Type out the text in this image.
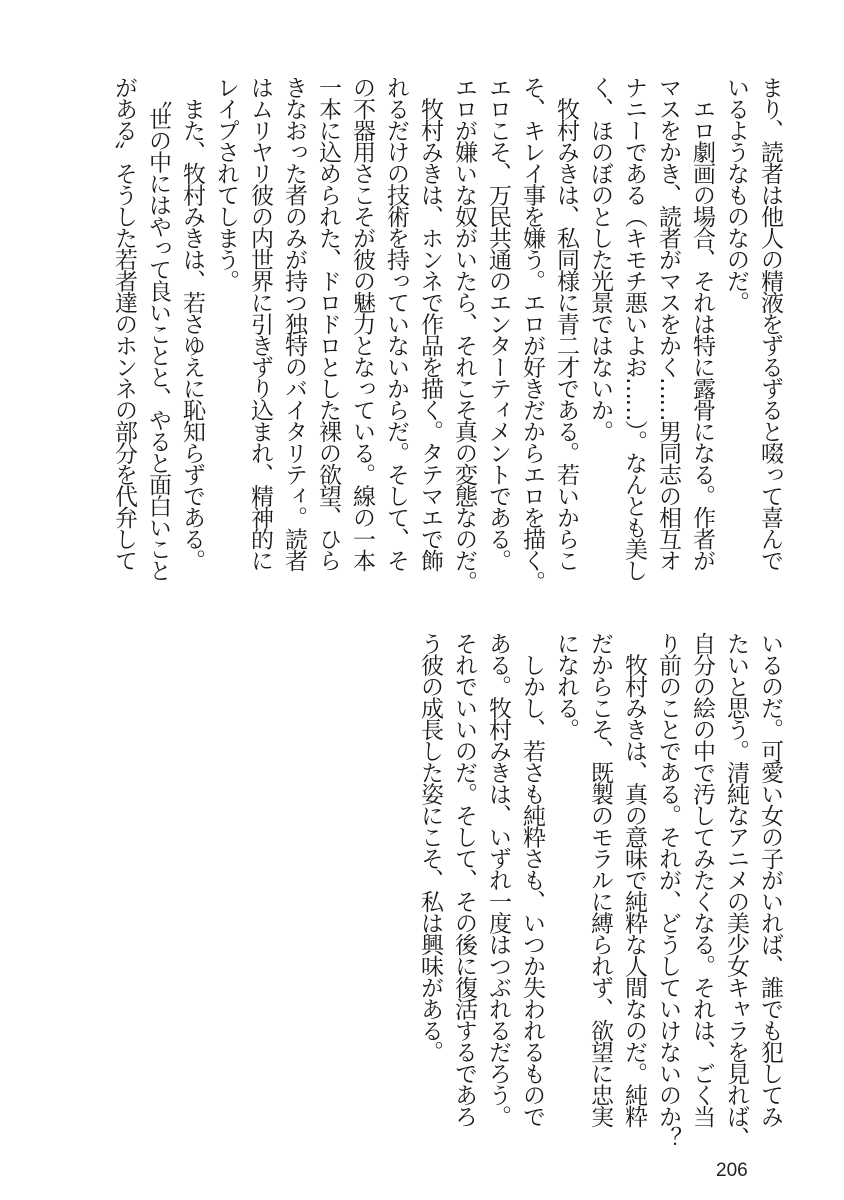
まり、読者は他人の精液をずるずると啜って喜んで
いるようなものなのだ。
　エロ劇画の場合、それは特に露骨になる。作者が
マスをかき、読者がマスをかく……男同志の相互オ
ナニーである（キモチ悪いよお……）。なんとも美し
く、ほのぼのとした光景ではないか。
　牧村みきは、私同様に青二才である。若いからこ
そ、キレイ事を嫌う。エロが好きだからエロを描く。
エロこそ、万民共通のエンターティメントである。
エロが嫌いな奴がいたら、それこそ真の変態なのだ。
　牧村みきは、ホンネで作品を描く。タテマエで飾
れるだけの技術を持っていないからだ。そして、そ
の不器用さこそが彼の魅力となっている。線の一本
一本に込められた、ドロドロとした裸の欲望、ひら
きなおった者のみが持つ独特のバイタリティ。読者
はムリヤリ彼の内世界に引きずり込まれ、精神的に
レイプされてしまう。
　また、牧村みきは、若さゆえに恥知らずである。
　〝世の中にはやって良いことと、やると面白いこと
がある〟そうした若者達のホンネの部分を代弁して
いるのだ。可愛い女の子がいれば、誰でも犯してみ
たいと思う。清純なアニメの美少女キャラを見れば、
自分の絵の中で汚してみたくなる。それは、ごく当
り前のことである。それが、どうしていけないのか？
　牧村みきは、真の意味で純粋な人間なのだ。純粋
だからこそ、既製のモラルに縛られず、欲望に忠実
になれる。
　しかし、若さも純粋さも、いつか失われるもので
ある。牧村みきは、いずれ一度はつぶれるだろう。
それでいいのだ。そして、その後に復活するであろ
う彼の成長した姿にこそ、私は興味がある。
206
